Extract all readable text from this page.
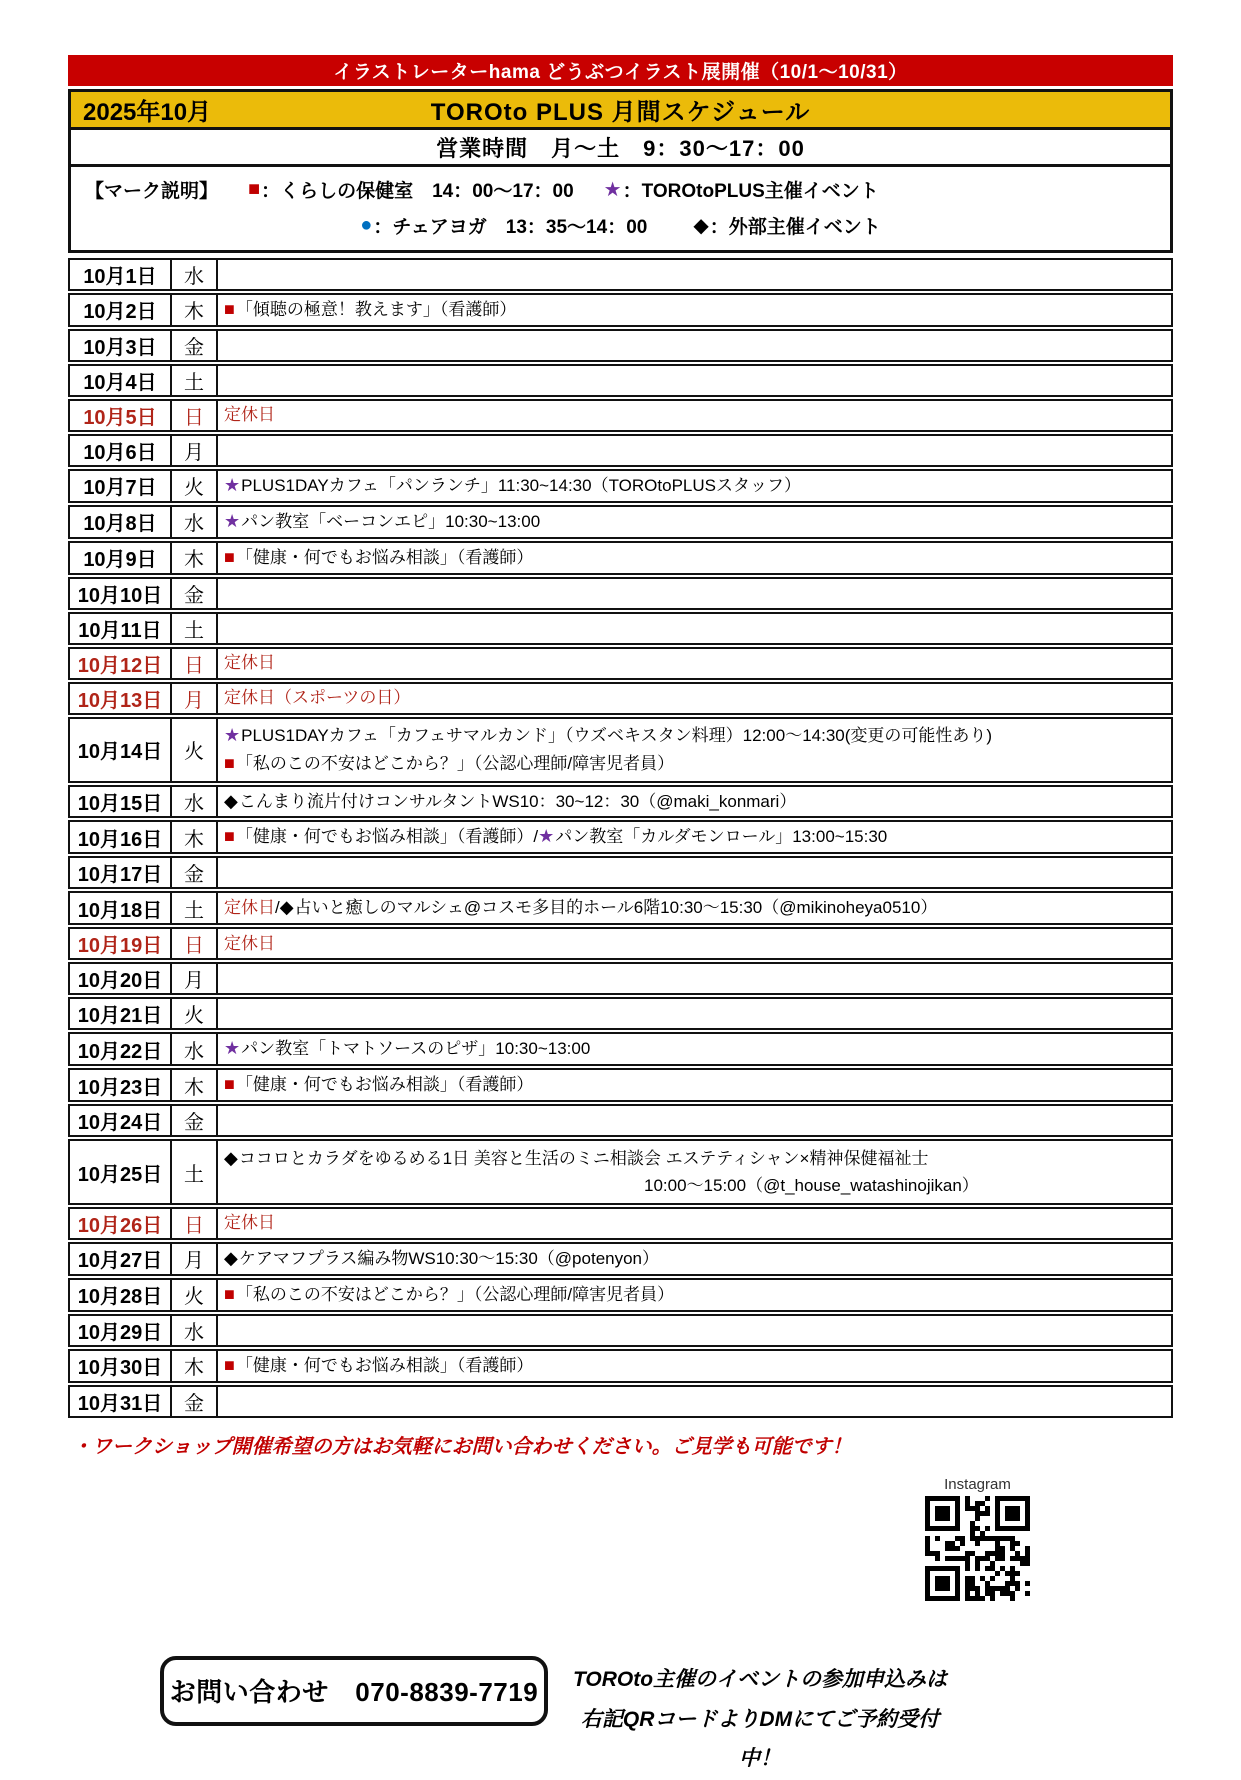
イラストレーターhama どうぶつイラスト展開催（10/1～10/31）
2025年10月	TOROto PLUS 月間スケジュール
営業時間　月～土　9：30～17：00
【マーク説明】 ■ ：くらしの保健室　14：00～17：00 ★ ：TOROtoPLUS主催イベント
● ：チェアヨガ　13：35～14：00 ◆ ：外部主催イベント
10月1日	水
10月2日	木	■「傾聴の極意！教えます」（看護師）
10月3日	金
10月4日	土
10月5日	日	定休日
10月6日	月
10月7日	火	★PLUS1DAYカフェ「パンランチ」11:30~14:30（TOROtoPLUSスタッフ）
10月8日	水	★パン教室「ベーコンエピ」10:30~13:00
10月9日	木	■「健康・何でもお悩み相談」（看護師）
10月10日	金
10月11日	土
10月12日	日	定休日
10月13日	月	定休日（スポーツの日）
10月14日	火
★PLUS1DAYカフェ「カフェサマルカンド」（ウズベキスタン料理）12:00～14:30(変更の可能性あり)
■「私のこの不安はどこから？」（公認心理師/障害児者員）
10月15日	水	◆こんまり流片付けコンサルタントWS10：30~12：30（@maki_konmari）
10月16日	木	■「健康・何でもお悩み相談」（看護師）/★パン教室「カルダモンロール」13:00~15:30
10月17日	金
10月18日	土	定休日/◆占いと癒しのマルシェ@コスモ多目的ホール6階10:30～15:30（@mikinoheya0510）
10月19日	日	定休日
10月20日	月
10月21日	火
10月22日	水	★パン教室「トマトソースのピザ」10:30~13:00
10月23日	木	■「健康・何でもお悩み相談」（看護師）
10月24日	金
10月25日	土
◆ココロとカラダをゆるめる1日 美容と生活のミニ相談会 エステティシャン×精神保健福祉士
10:00～15:00（@t_house_watashinojikan）
10月26日	日	定休日
10月27日	月	◆ケアマフプラス編み物WS10:30～15:30（@potenyon）
10月28日	火	■「私のこの不安はどこから？」（公認心理師/障害児者員）
10月29日	水
10月30日	木	■「健康・何でもお悩み相談」（看護師）
10月31日	金
・ワークショップ開催希望の方はお気軽にお問い合わせください。ご見学も可能です！
Instagram
お問い合わせ　070-8839-7719	TOROto主催のイベントの参加申込みは
右記QRコードよりDMにてご予約受付中！
